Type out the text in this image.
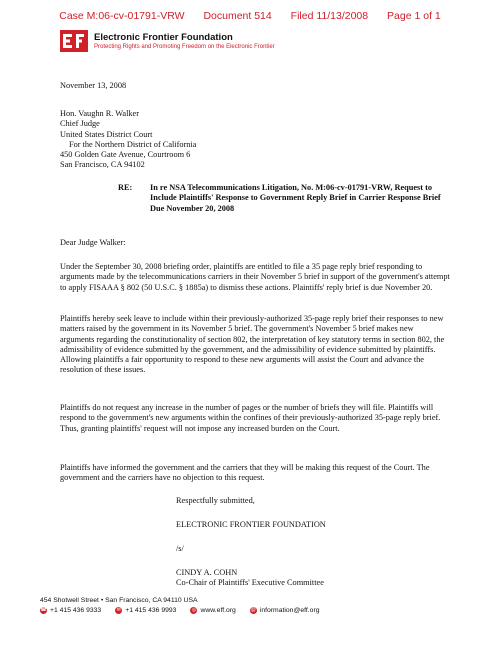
Case M:06-cv-01791-VRW Document 514 Filed 11/13/2008 Page 1 of 1
Electronic Frontier Foundation
Protecting Rights and Promoting Freedom on the Electronic Frontier
November 13, 2008
Hon. Vaughn R. Walker
Chief Judge
United States District Court
For the Northern District of California
450 Golden Gate Avenue, Courtroom 6
San Francisco, CA 94102
RE: In re NSA Telecommunications Litigation, No. M:06-cv-01791-VRW, Request to Include Plaintiffs' Response to Government Reply Brief in Carrier Response Brief Due November 20, 2008
Dear Judge Walker:
Under the September 30, 2008 briefing order, plaintiffs are entitled to file a 35 page reply brief responding to arguments made by the telecommunications carriers in their November 5 brief in support of the government's attempt to apply FISAAA § 802 (50 U.S.C. § 1885a) to dismiss these actions. Plaintiffs' reply brief is due November 20.
Plaintiffs hereby seek leave to include within their previously-authorized 35-page reply brief their responses to new matters raised by the government in its November 5 brief. The government's November 5 brief makes new arguments regarding the constitutionality of section 802, the interpretation of key statutory terms in section 802, the admissibility of evidence submitted by the government, and the admissibility of evidence submitted by plaintiffs. Allowing plaintiffs a fair opportunity to respond to these new arguments will assist the Court and advance the resolution of these issues.
Plaintiffs do not request any increase in the number of pages or the number of briefs they will file. Plaintiffs will respond to the government's new arguments within the confines of their previously-authorized 35-page reply brief. Thus, granting plaintiffs' request will not impose any increased burden on the Court.
Plaintiffs have informed the government and the carriers that they will be making this request of the Court. The government and the carriers have no objection to this request.
Respectfully submitted,
ELECTRONIC FRONTIER FOUNDATION
/s/
CINDY A. COHN
Co-Chair of Plaintiffs' Executive Committee
454 Shotwell Street • San Francisco, CA 94110 USA
☎ +1 415 436 9333	✉ +1 415 436 9993	◎ www.eff.org	@ information@eff.org
